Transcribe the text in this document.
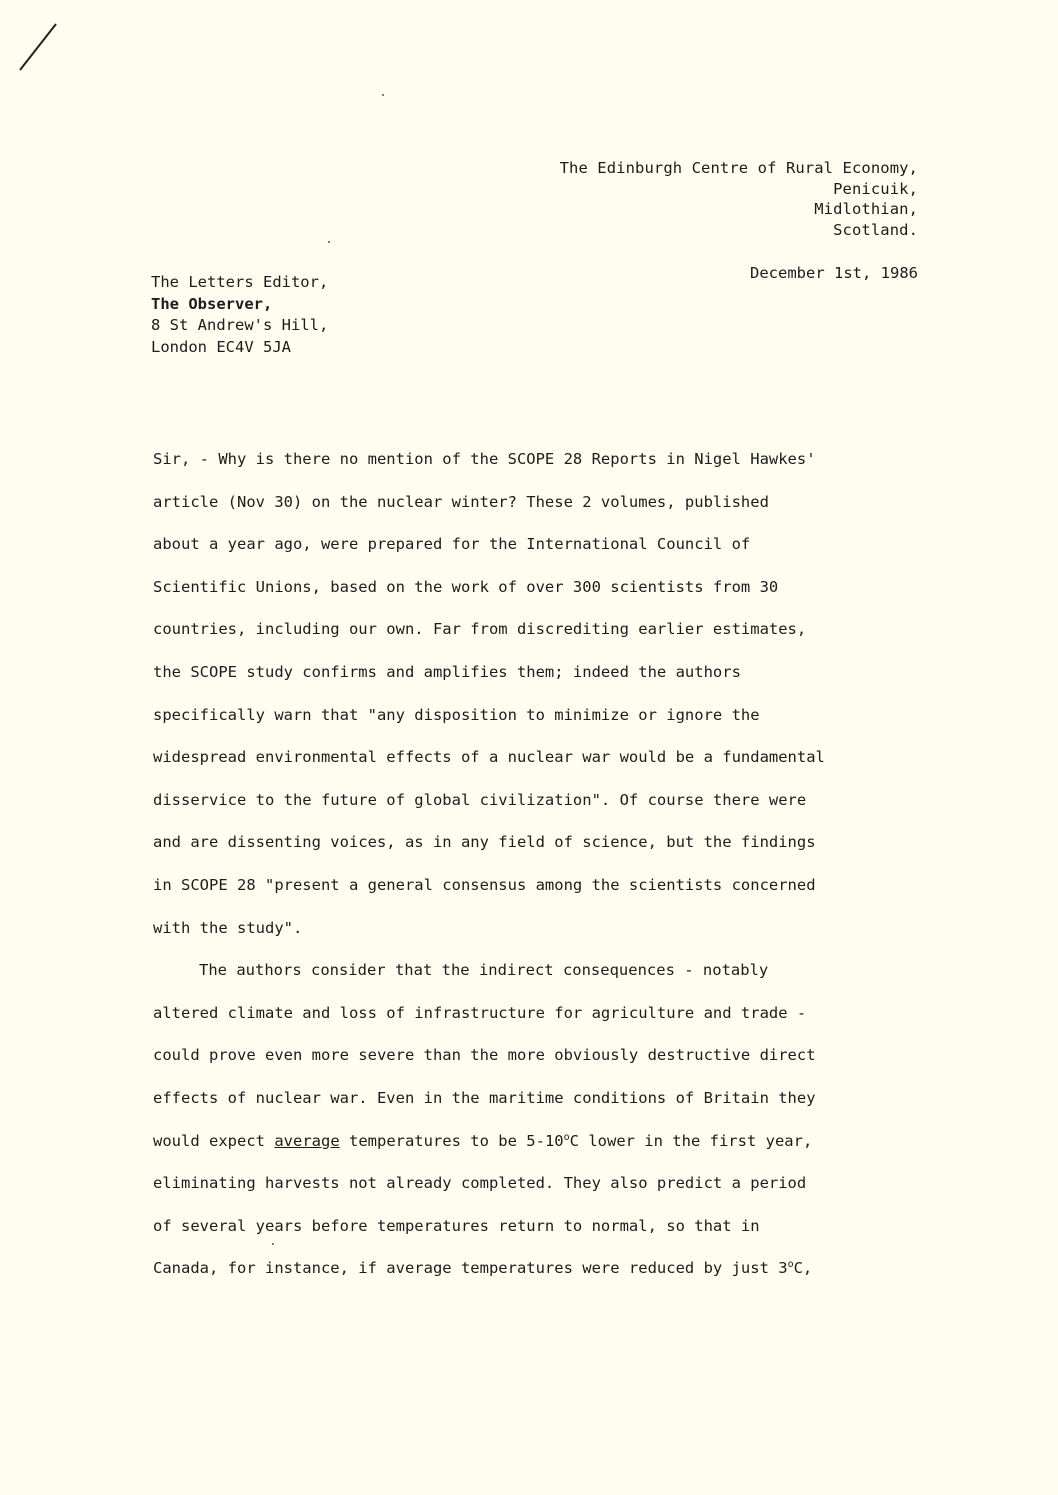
The Edinburgh Centre of Rural Economy,
Penicuik,
Midlothian,
Scotland.
December 1st, 1986
The Letters Editor,
The Observer,
8 St Andrew's Hill,
London EC4V 5JA
Sir, - Why is there no mention of the SCOPE 28 Reports in Nigel Hawkes'
article (Nov 30) on the nuclear winter? These 2 volumes, published
about a year ago, were prepared for the International Council of
Scientific Unions, based on the work of over 300 scientists from 30
countries, including our own. Far from discrediting earlier estimates,
the SCOPE study confirms and amplifies them; indeed the authors
specifically warn that "any disposition to minimize or ignore the
widespread environmental effects of a nuclear war would be a fundamental
disservice to the future of global civilization". Of course there were
and are dissenting voices, as in any field of science, but the findings
in SCOPE 28 "present a general consensus among the scientists concerned
with the study".
The authors consider that the indirect consequences - notably
altered climate and loss of infrastructure for agriculture and trade -
could prove even more severe than the more obviously destructive direct
effects of nuclear war. Even in the maritime conditions of Britain they
would expect average temperatures to be 5-10$^o$C lower in the first year,
eliminating harvests not already completed. They also predict a period
of several years before temperatures return to normal, so that in
Canada, for instance, if average temperatures were reduced by just 3$^o$C,
